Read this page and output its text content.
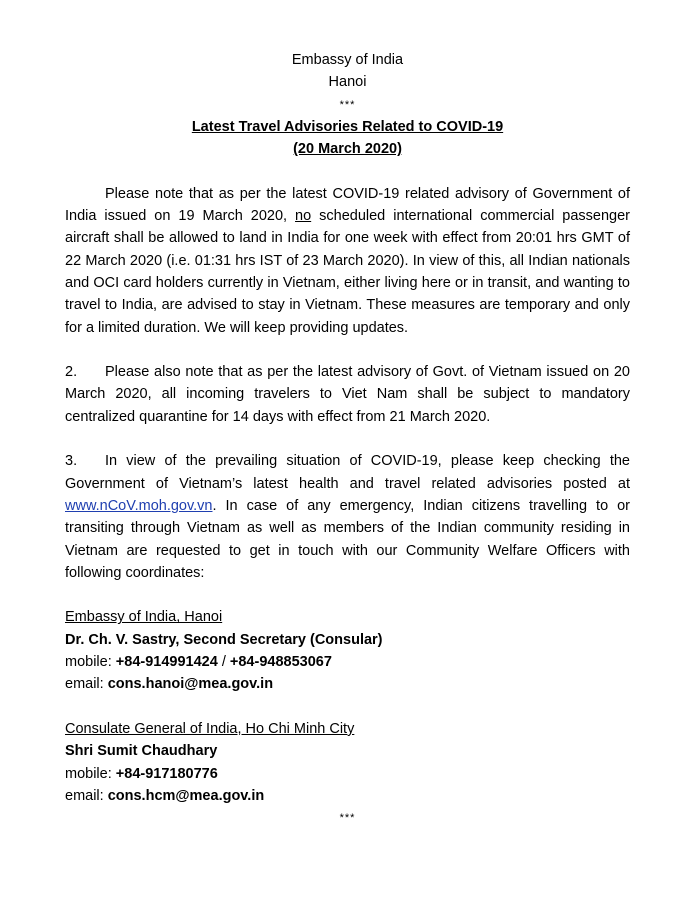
Embassy of India
Hanoi
***
Latest Travel Advisories Related to COVID-19
(20 March 2020)
Please note that as per the latest COVID-19 related advisory of Government of India issued on 19 March 2020, no scheduled international commercial passenger aircraft shall be allowed to land in India for one week with effect from 20:01 hrs GMT of 22 March 2020 (i.e. 01:31 hrs IST of 23 March 2020). In view of this, all Indian nationals and OCI card holders currently in Vietnam, either living here or in transit, and wanting to travel to India, are advised to stay in Vietnam. These measures are temporary and only for a limited duration. We will keep providing updates.
2. Please also note that as per the latest advisory of Govt. of Vietnam issued on 20 March 2020, all incoming travelers to Viet Nam shall be subject to mandatory centralized quarantine for 14 days with effect from 21 March 2020.
3. In view of the prevailing situation of COVID-19, please keep checking the Government of Vietnam’s latest health and travel related advisories posted at www.nCoV.moh.gov.vn. In case of any emergency, Indian citizens travelling to or transiting through Vietnam as well as members of the Indian community residing in Vietnam are requested to get in touch with our Community Welfare Officers with following coordinates:
Embassy of India, Hanoi
Dr. Ch. V. Sastry, Second Secretary (Consular)
mobile: +84-914991424 / +84-948853067
email: cons.hanoi@mea.gov.in
Consulate General of India, Ho Chi Minh City
Shri Sumit Chaudhary
mobile: +84-917180776
email: cons.hcm@mea.gov.in
***
